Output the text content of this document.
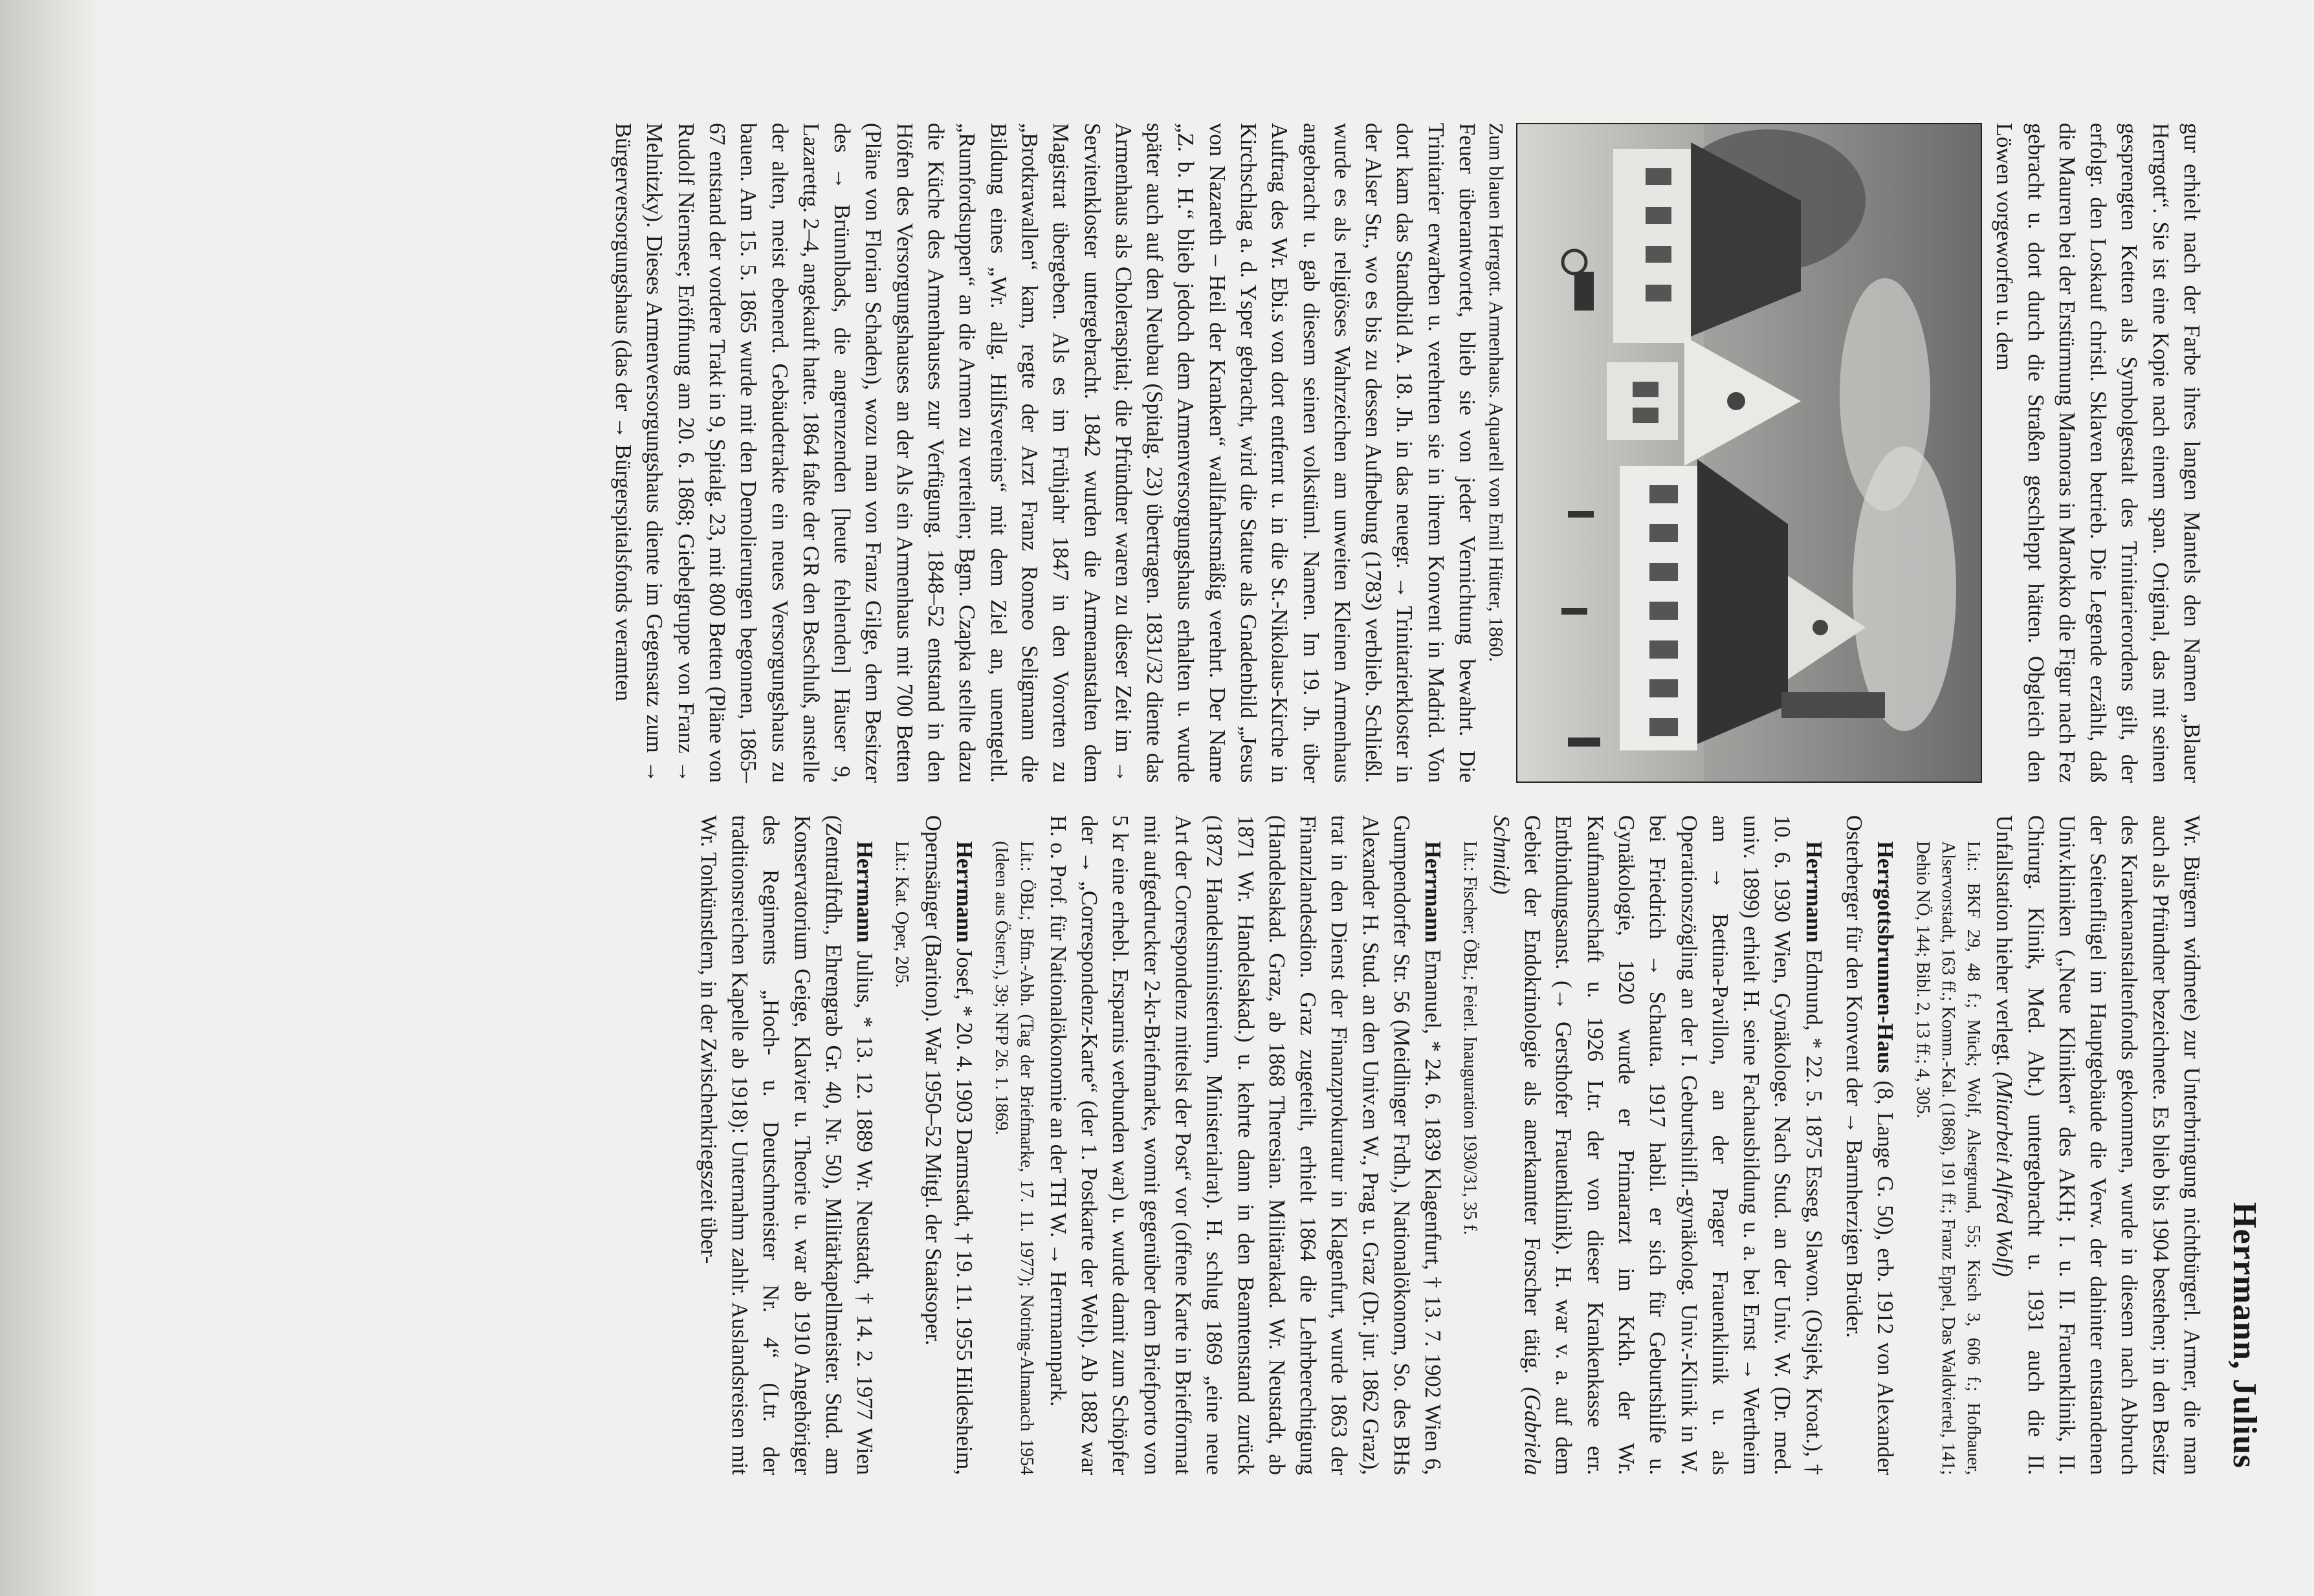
Herrmann, Julius

gur erhielt nach der Farbe ihres langen Mantels den Namen „Blauer Herrgott“. Sie ist eine Kopie nach einem span. Original, das mit seinen gesprengten Ketten als Symbolgestalt des Trinitarierordens gilt, der erfolgr. den Loskauf christl. Sklaven betrieb. Die Legende erzählt, daß die Mauren bei der Erstürmung Mamoras in Marokko die Figur nach Fez gebracht u. dort durch die Straßen geschleppt hätten. Obgleich den Löwen vorgeworfen u. dem

Zum blauen Herrgott. Armenhaus. Aquarell von Emil Hütter, 1860.

Feuer überantwortet, blieb sie von jeder Vernichtung bewahrt. Die Trinitarier erwarben u. verehrten sie in ihrem Konvent in Madrid. Von dort kam das Standbild A. 18. Jh. in das neuegr. → Trinitarierkloster in der Alser Str., wo es bis zu dessen Aufhebung (1783) verblieb. Schließl. wurde es als religiöses Wahrzeichen am unweiten Kleinen Armenhaus angebracht u. gab diesem seinen volkstüml. Namen. Im 19. Jh. über Auftrag des Wr. Ebi.s von dort entfernt u. in die St.-Nikolaus-Kirche in Kirchschlag a. d. Ysper gebracht, wird die Statue als Gnadenbild „Jesus von Nazareth – Heil der Kranken“ wallfahrtsmäßig verehrt. Der Name „Z. b. H.“ blieb jedoch dem Armenversorgungshaus erhalten u. wurde später auch auf den Neubau (Spitalg. 23) übertragen. 1831/32 diente das Armenhaus als Choleraspital; die Pfründner waren zu dieser Zeit im → Servitenkloster untergebracht. 1842 wurden die Armenanstalten dem Magistrat übergeben. Als es im Frühjahr 1847 in den Vororten zu „Brotkrawallen“ kam, regte der Arzt Franz Romeo Seligmann die Bildung eines „Wr. allg. Hilfsvereins“ mit dem Ziel an, unentgeltl. „Rumfordsuppen“ an die Armen zu verteilen; Bgm. Czapka stellte dazu die Küche des Armenhauses zur Verfügung. 1848–52 entstand in den Höfen des Versorgungshauses an der Als ein Armenhaus mit 700 Betten (Pläne von Florian Schaden), wozu man von Franz Gilge, dem Besitzer des → Brünnlbads, die angrenzenden [heute fehlenden] Häuser 9, Lazarettg. 2–4, angekauft hatte. 1864 faßte der GR den Beschluß, anstelle der alten, meist ebenerd. Gebäudetrakte ein neues Versorgungshaus zu bauen. Am 15. 5. 1865 wurde mit den Demolierungen begonnen, 1865–67 entstand der vordere Trakt in 9, Spitalg. 23, mit 800 Betten (Pläne von Rudolf Niernsee; Eröffnung am 20. 6. 1868; Giebelgruppe von Franz → Melnitzky). Dieses Armenversorgungshaus diente im Gegensatz zum → Bürgerversorgungshaus (das der → Bürgerspitalsfonds veramten

Wr. Bürgern widmete) zur Unterbringung nichtbürgerl. Armer, die man auch als Pfründner bezeichnete. Es blieb bis 1904 bestehen; in den Besitz des Krankenanstaltenfonds gekommen, wurde in diesem nach Abbruch der Seitenflügel im Hauptgebäude die Verw. der dahinter entstandenen Univ.kliniken („Neue Kliniken“ des AKH; I. u. II. Frauenklinik, II. Chirurg. Klinik, Med. Abt.) untergebracht u. 1931 auch die II. Unfallstation hieher verlegt. (Mitarbeit Alfred Wolf)

Lit.: BKF 29, 48 f.; Mück; Wolf, Alsergrund, 55; Kisch 3, 606 f.; Hofbauer, Alservorstadt, 163 ff.; Komm.-Kal. (1868), 191 ff.; Franz Eppel, Das Waldviertel, 141; Dehio NÖ, 144; Bibl. 2, 13 ff.; 4, 305.

Herrgottsbrunnen-Haus (8, Lange G. 50), erb. 1912 von Alexander Osterberger für den Konvent der → Barmherzigen Brüder.

Herrmann Edmund, * 22. 5. 1875 Esseg, Slawon. (Osijek, Kroat.), † 10. 6. 1930 Wien, Gynäkologe. Nach Stud. an der Univ. W. (Dr. med. univ. 1899) erhielt H. seine Fachausbildung u. a. bei Ernst → Wertheim am → Bettina-Pavillon, an der Prager Frauenklinik u. als Operationszögling an der I. Geburtshilfl.-gynäkolog. Univ.-Klinik in W. bei Friedrich → Schauta. 1917 habil. er sich für Geburtshilfe u. Gynäkologie, 1920 wurde er Primararzt im Krkh. der Wr. Kaufmannschaft u. 1926 Ltr. der von dieser Krankenkasse err. Entbindungsanst. (→ Gersthofer Frauenklinik). H. war v. a. auf dem Gebiet der Endokrinologie als anerkannter Forscher tätig. (Gabriela Schmidt)

Lit.: Fischer; ÖBL; Feierl. Inauguration 1930/31, 35 f.

Herrmann Emanuel, * 24. 6. 1839 Klagenfurt, † 13. 7. 1902 Wien 6, Gumpendorfer Str. 56 (Meidlinger Frdh.), Nationalökonom, So. des BHs Alexander H. Stud. an den Univ.en W., Prag u. Graz (Dr. jur. 1862 Graz), trat in den Dienst der Finanzprokuratur in Klagenfurt, wurde 1863 der Finanzlandesdion. Graz zugeteilt, erhielt 1864 die Lehrberechtigung (Handelsakad. Graz, ab 1868 Theresian. Militärakad. Wr. Neustadt, ab 1871 Wr. Handelsakad.) u. kehrte dann in den Beamtenstand zurück (1872 Handelsministerium, Ministerialrat). H. schlug 1869 „eine neue Art der Correspondenz mittelst der Post“ vor (offene Karte in Briefformat mit aufgedruckter 2-kr-Briefmarke, womit gegenüber dem Briefporto von 5 kr eine erhebl. Ersparnis verbunden war) u. wurde damit zum Schöpfer der → „Correspondenz-Karte“ (der 1. Postkarte der Welt). Ab 1882 war H. o. Prof. für Nationalökonomie an der TH W. → Herrmannpark.

Lit.: ÖBL; Bfm.-Abh. (Tag der Briefmarke, 17. 11. 1977); Notring-Almanach 1954 (Ideen aus Österr.), 39; NFP 26. 1. 1869.

Herrmann Josef, * 20. 4. 1903 Darmstadt, † 19. 11. 1955 Hildesheim, Opernsänger (Bariton). War 1950–52 Mitgl. der Staatsoper.

Lit.: Kat. Oper, 205.

Herrmann Julius, * 13. 12. 1889 Wr. Neustadt, † 14. 2. 1977 Wien (Zentralfrdh., Ehrengrab Gr. 40, Nr. 50), Militärkapellmeister. Stud. am Konservatorium Geige, Klavier u. Theorie u. war ab 1910 Angehöriger des Regiments „Hoch- u. Deutschmeister Nr. 4“ (Ltr. der traditionsreichen Kapelle ab 1918): Unternahm zahlr. Auslandsreisen mit Wr. Tonkünstlern, in der Zwischenkriegszeit über-
